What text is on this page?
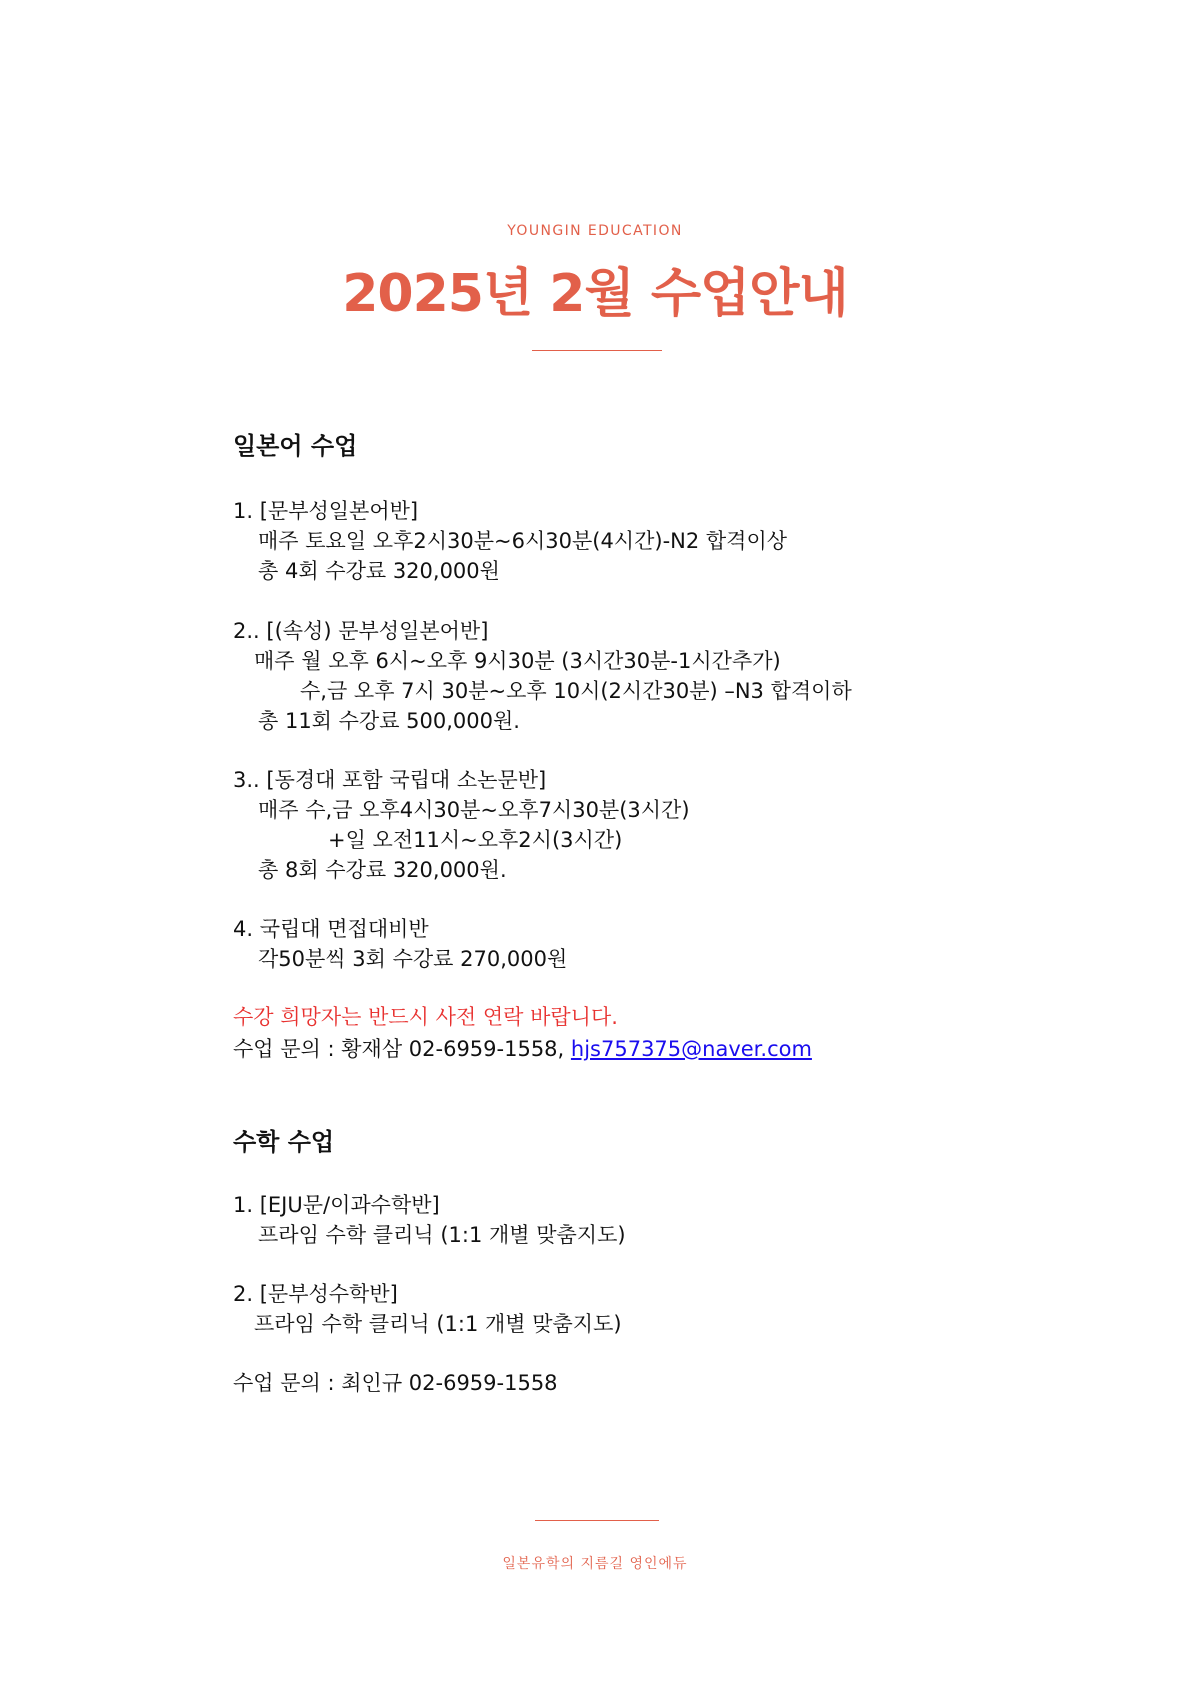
YOUNGIN EDUCATION
2025년 2월 수업안내
일본어 수업
1. [문부성일본어반]
매주 토요일 오후2시30분~6시30분(4시간)-N2 합격이상
총 4회 수강료 320,000원
2.. [(속성) 문부성일본어반]
매주 월 오후 6시~오후 9시30분 (3시간30분-1시간추가)
수,금 오후 7시 30분~오후 10시(2시간30분) –N3 합격이하
총 11회 수강료 500,000원.
3.. [동경대 포함 국립대 소논문반]
매주 수,금 오후4시30분~오후7시30분(3시간)
+일 오전11시~오후2시(3시간)
총 8회 수강료 320,000원.
4. 국립대 면접대비반
각50분씩 3회 수강료 270,000원
수강 희망자는 반드시 사전 연락 바랍니다.
수업 문의 : 황재삼 02-6959-1558, hjs757375@naver.com
수학 수업
1. [EJU문/이과수학반]
프라임 수학 클리닉 (1:1 개별 맞춤지도)
2. [문부성수학반]
프라임 수학 클리닉 (1:1 개별 맞춤지도)
수업 문의 : 최인규 02-6959-1558
일본유학의 지름길 영인에듀
